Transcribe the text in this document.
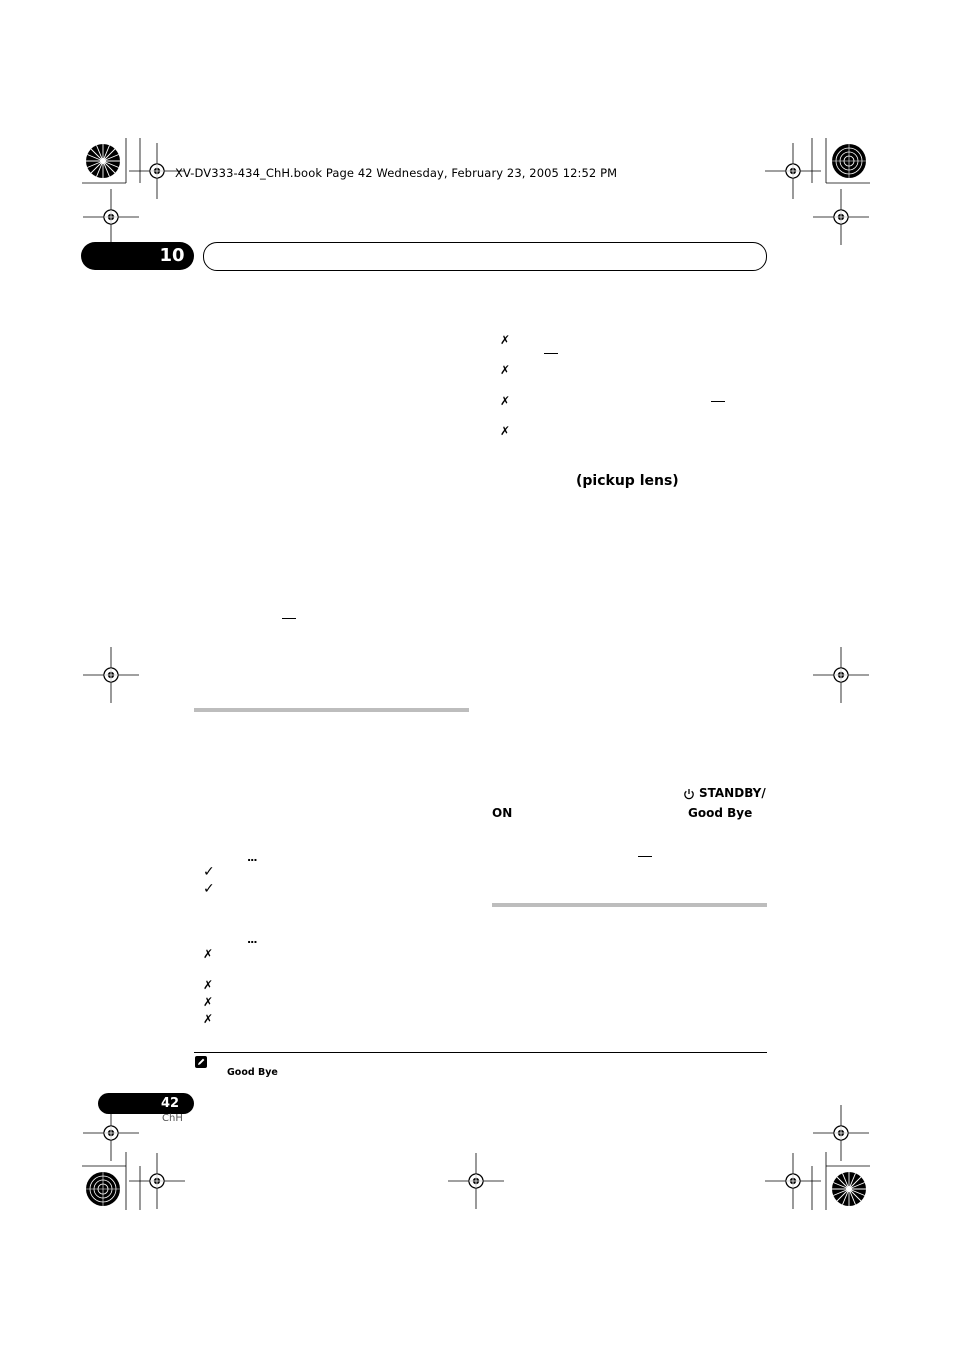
XV-DV333-434_ChH.book Page 42 Wednesday, February 23, 2005 12:52 PM
10
...
✓
✓
...
✗
✗
✗
✗
✗
✗
✗
✗
(pickup lens)
STANDBY/
ON	Good Bye
Good Bye
42
ChH
